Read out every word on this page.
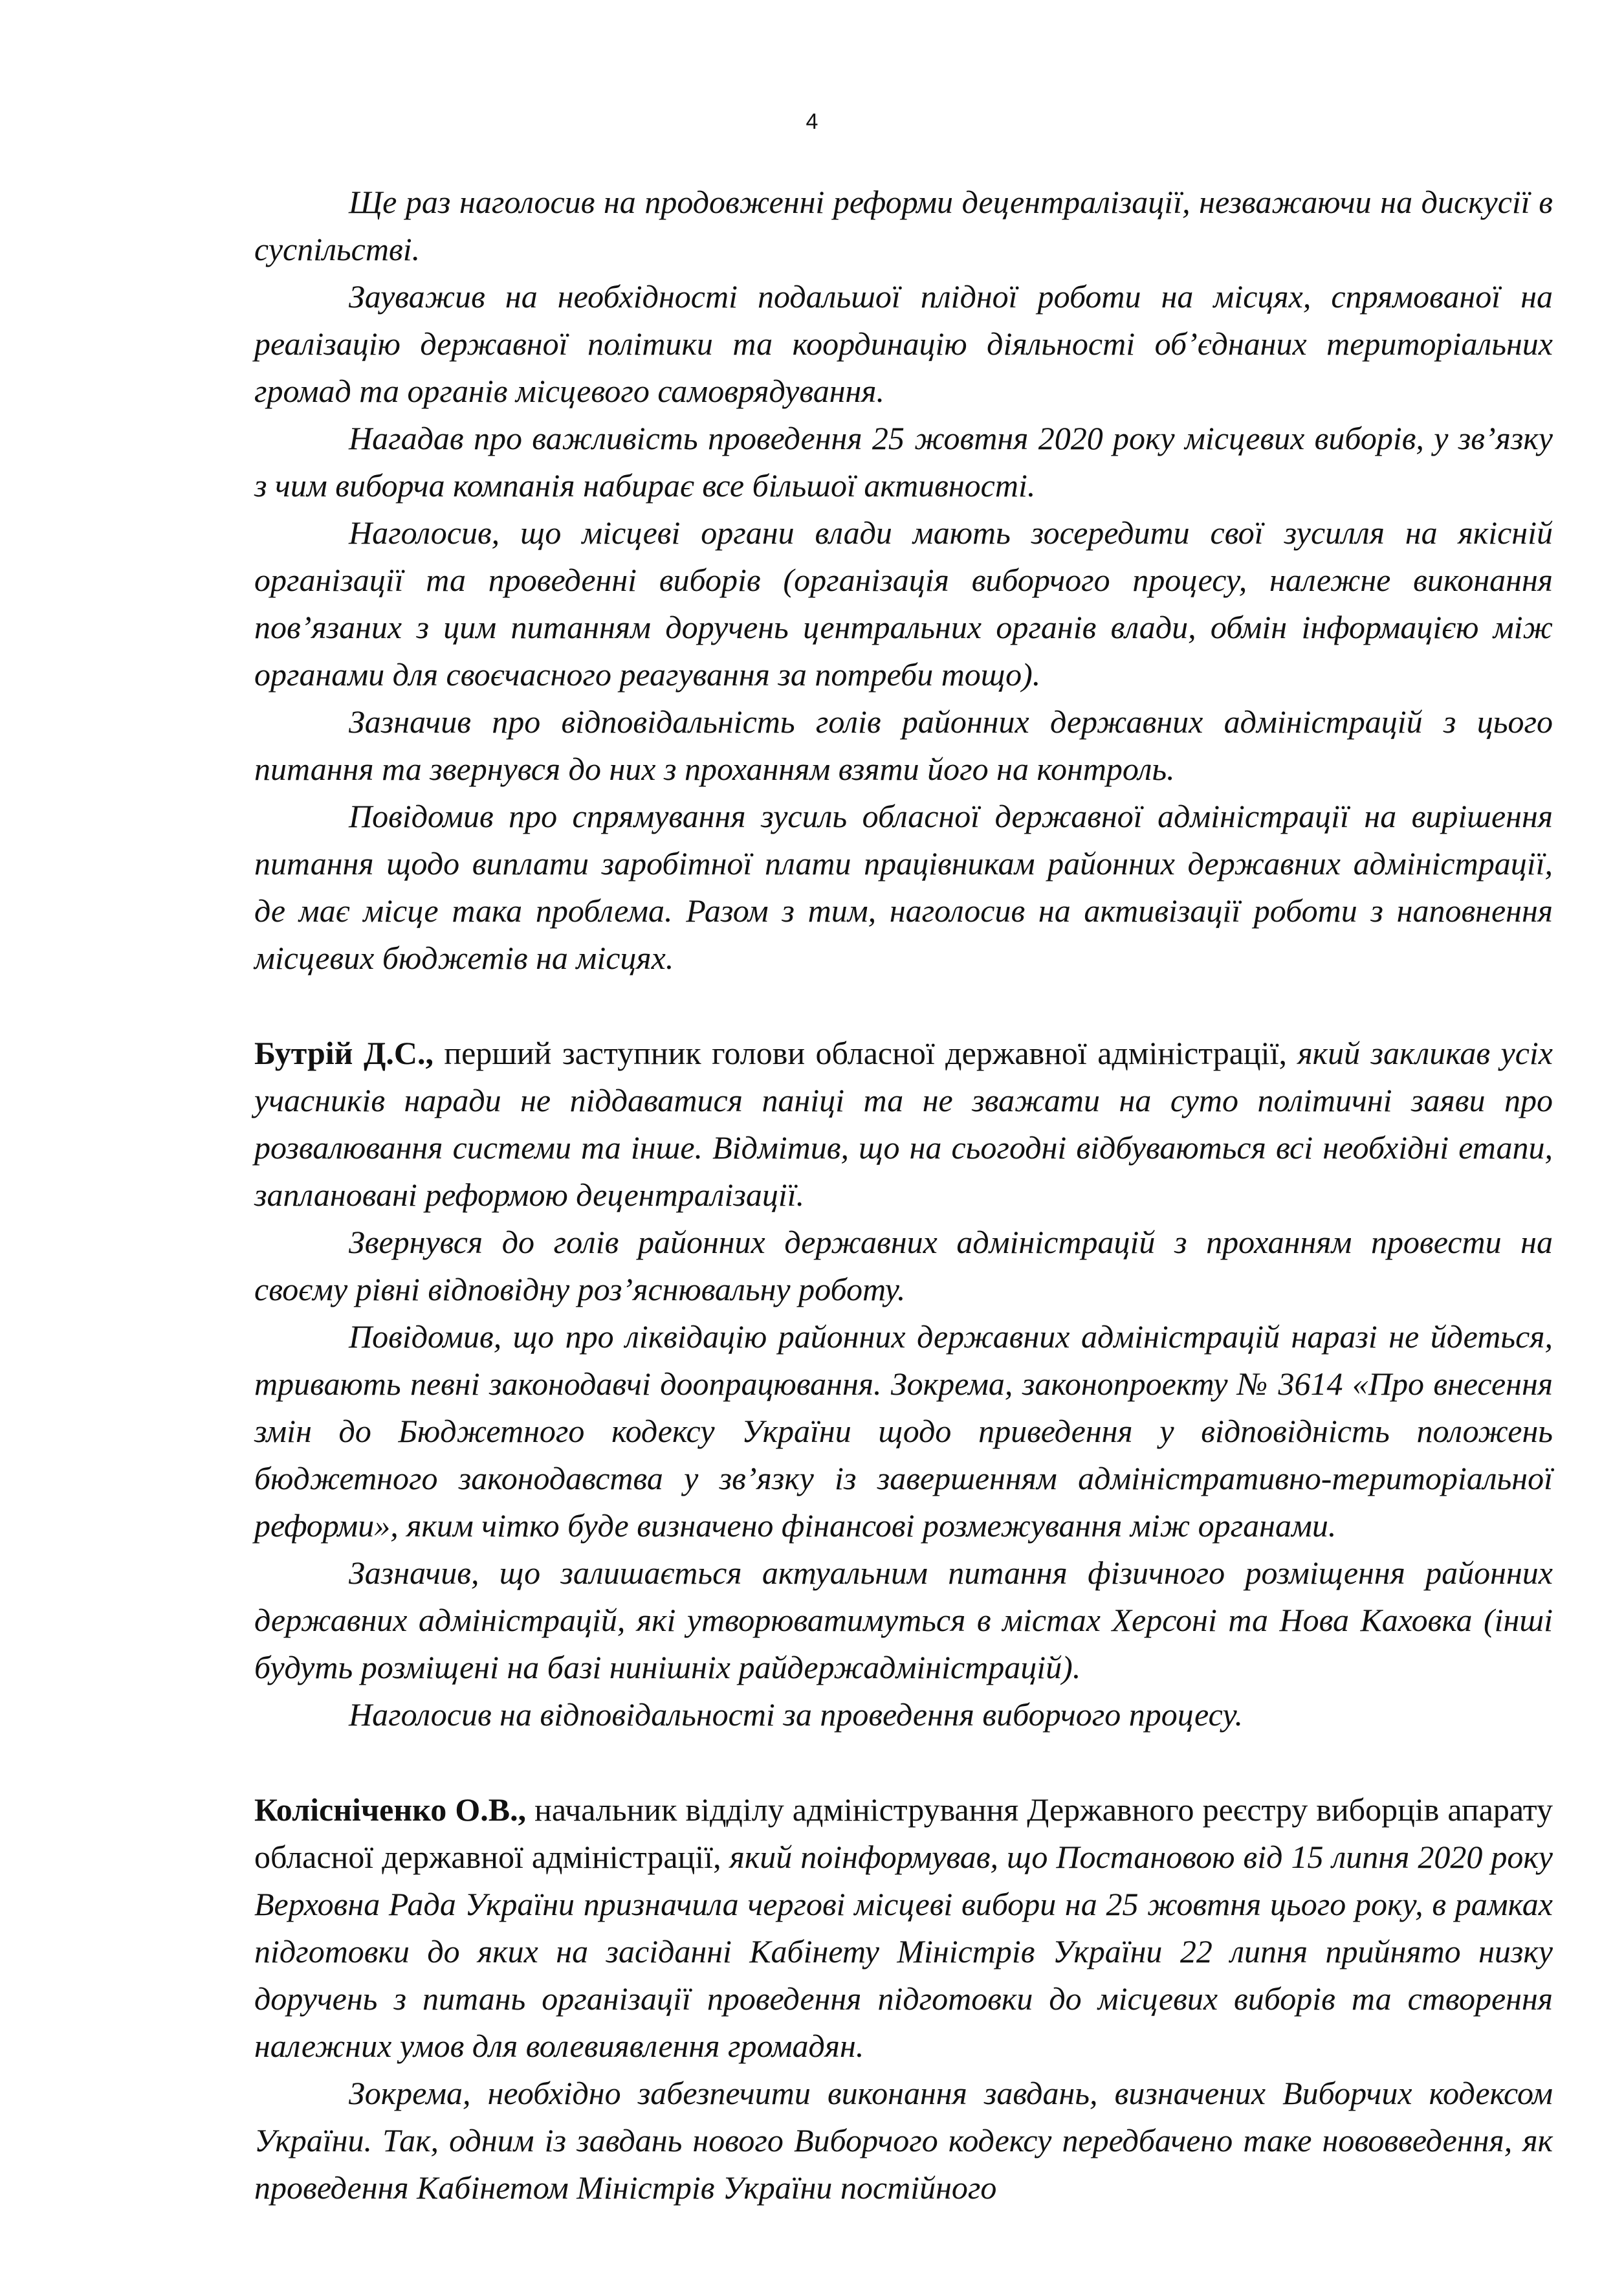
4

Ще раз наголосив на продовженні реформи децентралізації, незважаючи на дискусії в суспільстві.

Зауважив на необхідності подальшої плідної роботи на місцях, спрямованої на реалізацію державної політики та координацію діяльності об’єднаних територіальних громад та органів місцевого самоврядування.

Нагадав про важливість проведення 25 жовтня 2020 року місцевих виборів, у зв’язку з чим виборча компанія набирає все більшої активності.

Наголосив, що місцеві органи влади мають зосередити свої зусилля на якісній організації та проведенні виборів (організація виборчого процесу, належне виконання пов’язаних з цим питанням доручень центральних органів влади, обмін інформацією між органами для своєчасного реагування за потреби тощо).

Зазначив про відповідальність голів районних державних адміністрацій з цього питання та звернувся до них з проханням взяти його на контроль.

Повідомив про спрямування зусиль обласної державної адміністрації на вирішення питання щодо виплати заробітної плати працівникам районних державних адміністрації, де має місце така проблема. Разом з тим, наголосив на активізації роботи з наповнення місцевих бюджетів на місцях.

Бутрій Д.С., перший заступник голови обласної державної адміністрації, який закликав усіх учасників наради не піддаватися паніці та не зважати на суто політичні заяви про розвалювання системи та інше. Відмітив, що на сьогодні відбуваються всі необхідні етапи, заплановані реформою децентралізації.

Звернувся до голів районних державних адміністрацій з проханням провести на своєму рівні відповідну роз’яснювальну роботу.

Повідомив, що про ліквідацію районних державних адміністрацій наразі не йдеться, тривають певні законодавчі доопрацювання. Зокрема, законопроекту № 3614 «Про внесення змін до Бюджетного кодексу України щодо приведення у відповідність положень бюджетного законодавства у зв’язку із завершенням адміністративно-територіальної реформи», яким чітко буде визначено фінансові розмежування між органами.

Зазначив, що залишається актуальним питання фізичного розміщення районних державних адміністрацій, які утворюватимуться в містах Херсоні та Нова Каховка (інші будуть розміщені на базі нинішніх райдержадміністрацій).

Наголосив на відповідальності за проведення виборчого процесу.

Колісніченко О.В., начальник відділу адміністрування Державного реєстру виборців апарату обласної державної адміністрації, який поінформував, що Постановою від 15 липня 2020 року Верховна Рада України призначила чергові місцеві вибори на 25 жовтня цього року, в рамках підготовки до яких на засіданні Кабінету Міністрів України 22 липня прийнято низку доручень з питань організації проведення підготовки до місцевих виборів та створення належних умов для волевиявлення громадян.

Зокрема, необхідно забезпечити виконання завдань, визначених Виборчих кодексом України. Так, одним із завдань нового Виборчого кодексу передбачено таке нововведення, як проведення Кабінетом Міністрів України постійного
